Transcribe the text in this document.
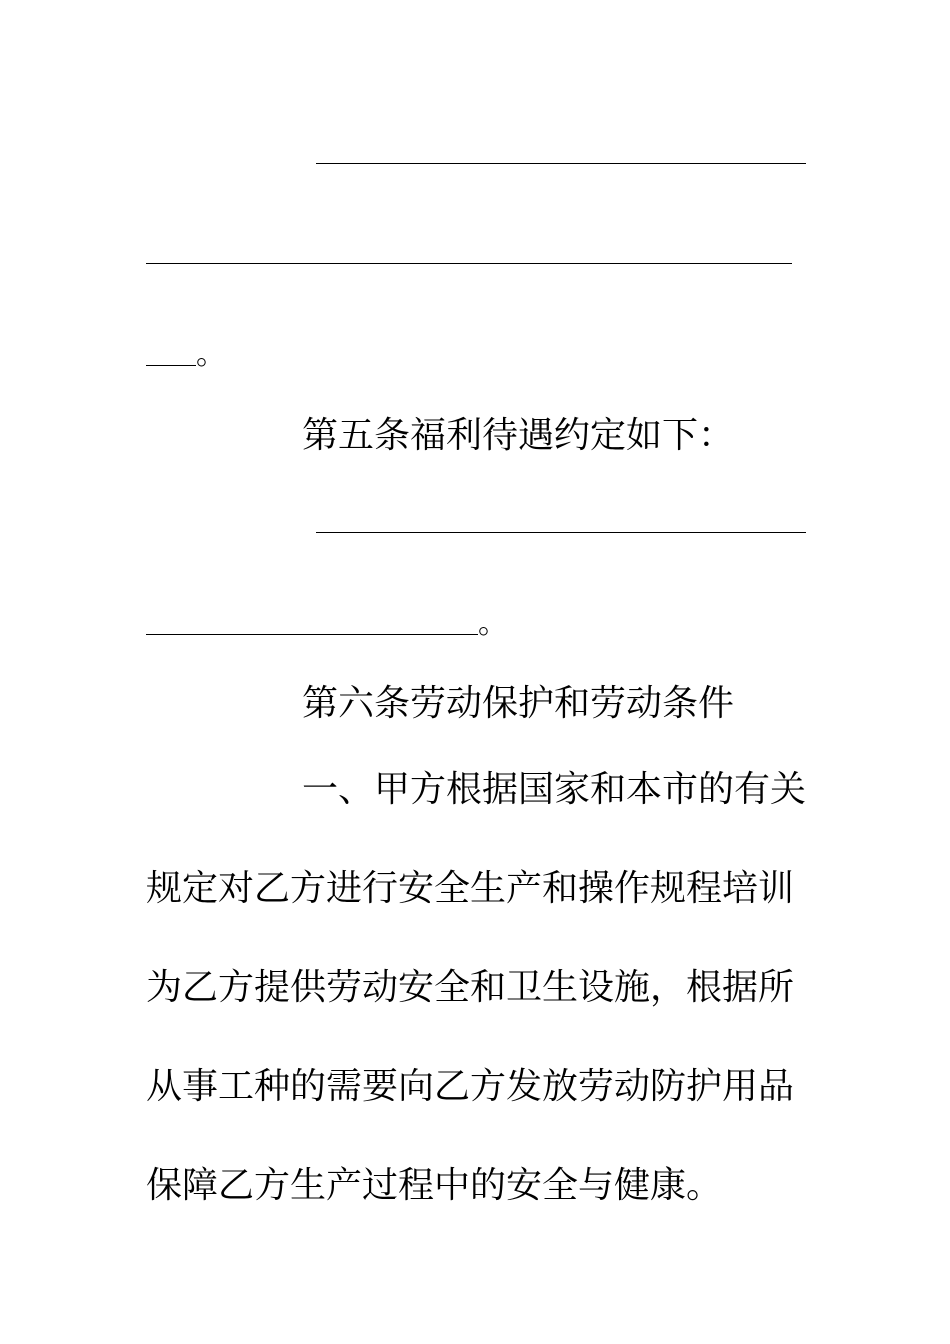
。
第五条福利待遇约定如下：
。
第六条劳动保护和劳动条件
一、甲方根据国家和本市的有关
规定对乙方进行安全生产和操作规程培训
为乙方提供劳动安全和卫生设施，根据所
从事工种的需要向乙方发放劳动防护用品
保障乙方生产过程中的安全与健康。
